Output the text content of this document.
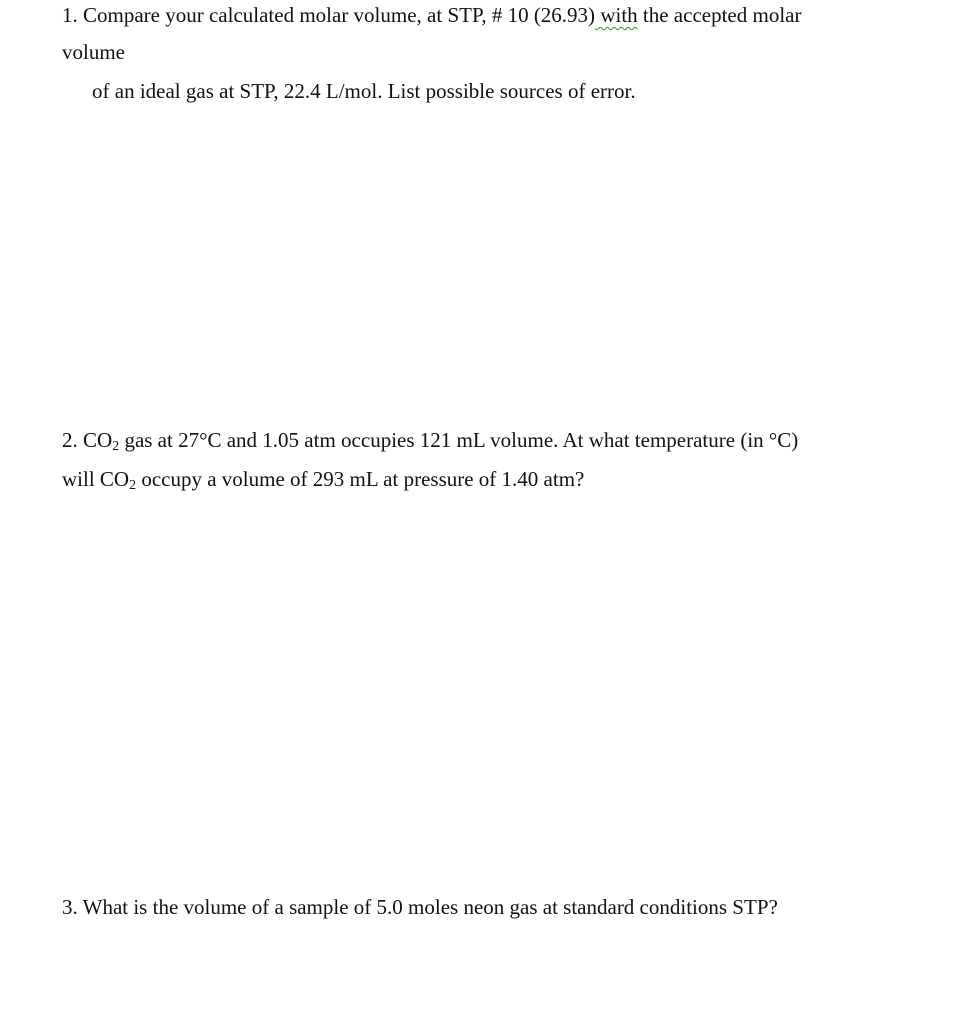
1. Compare your calculated molar volume, at STP, # 10 (26.93) with the accepted molar
volume
of an ideal gas at STP, 22.4 L/mol. List possible sources of error.
2. $CO_2$ gas at 27°C and 1.05 atm occupies 121 mL volume. At what temperature (in °C)
will $CO_2$ occupy a volume of 293 mL at pressure of 1.40 atm?
3. What is the volume of a sample of 5.0 moles neon gas at standard conditions STP?
